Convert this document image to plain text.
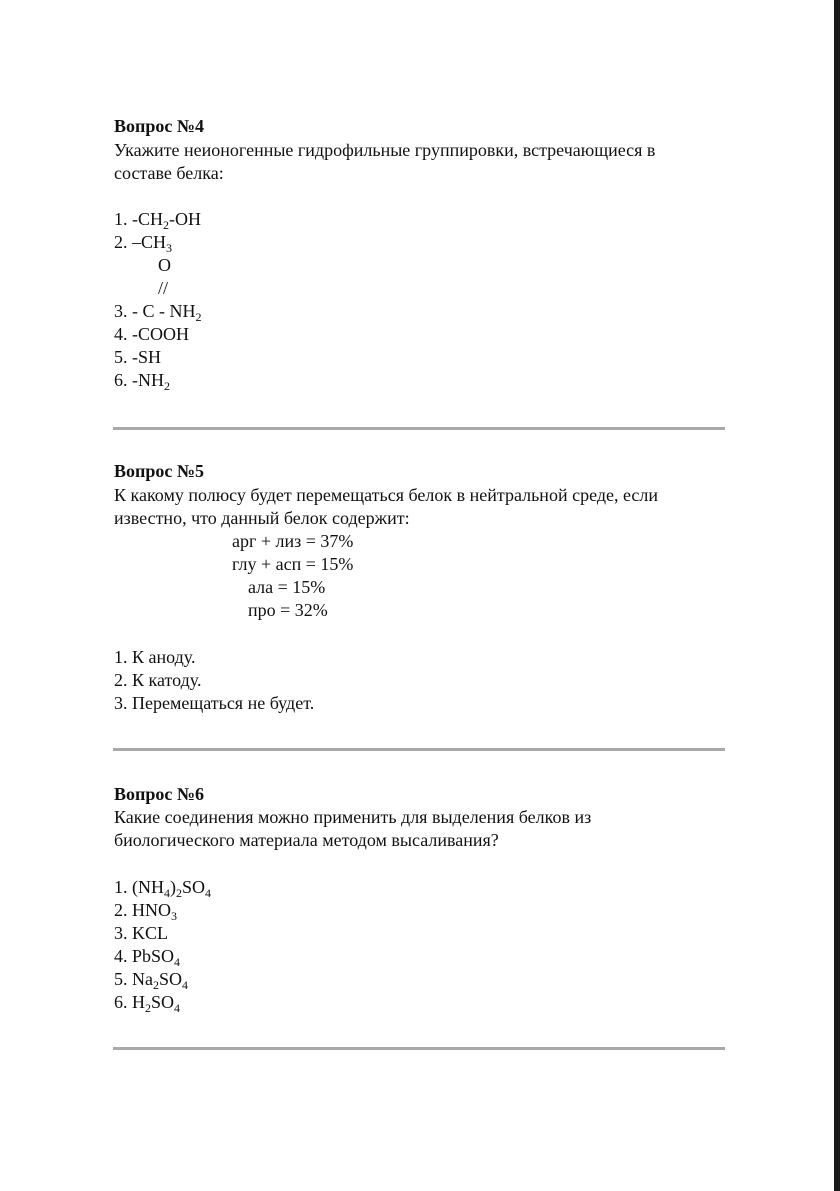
Вопрос №4
Укажите неионогенные гидрофильные группировки, встречающиеся в
составе белка:
1. $-CH_2-OH$
2. $-CH_3$
O
//
3. - C - $NH_2$
4. -COOH
5. -SH
6. $-NH_2$
Вопрос №5
К какому полюсу будет перемещаться белок в нейтральной среде, если
известно, что данный белок содержит:
арг + лиз = 37%
глу + асп = 15%
ала = 15%
про = 32%
1. К аноду.
2. К катоду.
3. Перемещаться не будет.
Вопрос №6
Какие соединения можно применить для выделения белков из
биологического материала методом высаливания?
1. $(NH_4)_2SO_4$
2. $HNO_3$
3. KCL
4. PbSO$_4$
5. $Na_2SO_4$
6. $H_2SO_4$
